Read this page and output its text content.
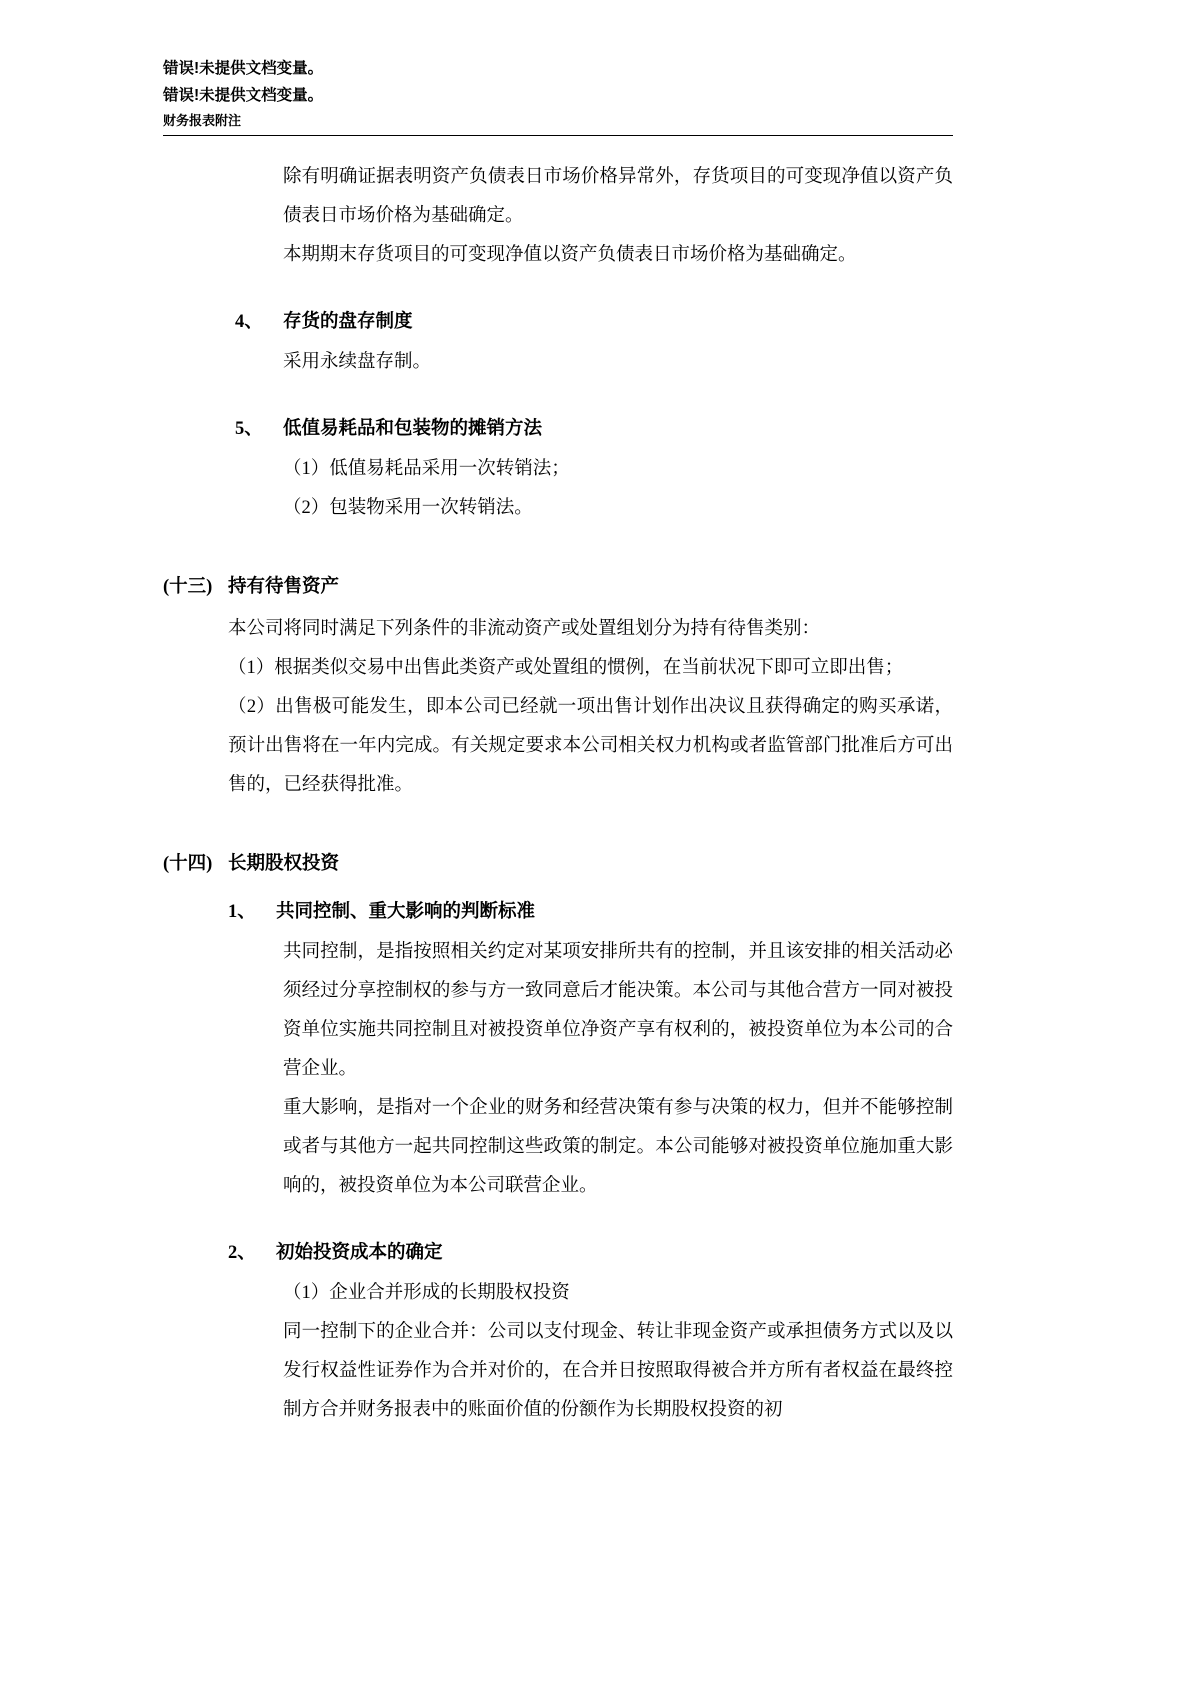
错误!未提供文档变量。
错误!未提供文档变量。
财务报表附注
除有明确证据表明资产负债表日市场价格异常外，存货项目的可变现净值以资产负债表日市场价格为基础确定。
本期期末存货项目的可变现净值以资产负债表日市场价格为基础确定。
4、	存货的盘存制度
采用永续盘存制。
5、	低值易耗品和包装物的摊销方法
（1）低值易耗品采用一次转销法；
（2）包装物采用一次转销法。
(十三) 持有待售资产
本公司将同时满足下列条件的非流动资产或处置组划分为持有待售类别：
（1）根据类似交易中出售此类资产或处置组的惯例，在当前状况下即可立即出售；
（2）出售极可能发生，即本公司已经就一项出售计划作出决议且获得确定的购买承诺，预计出售将在一年内完成。有关规定要求本公司相关权力机构或者监管部门批准后方可出售的，已经获得批准。
(十四) 长期股权投资
1、	共同控制、重大影响的判断标准
共同控制，是指按照相关约定对某项安排所共有的控制，并且该安排的相关活动必须经过分享控制权的参与方一致同意后才能决策。本公司与其他合营方一同对被投资单位实施共同控制且对被投资单位净资产享有权利的，被投资单位为本公司的合营企业。
重大影响，是指对一个企业的财务和经营决策有参与决策的权力，但并不能够控制或者与其他方一起共同控制这些政策的制定。本公司能够对被投资单位施加重大影响的，被投资单位为本公司联营企业。
2、	初始投资成本的确定
（1）企业合并形成的长期股权投资
同一控制下的企业合并：公司以支付现金、转让非现金资产或承担债务方式以及以发行权益性证券作为合并对价的，在合并日按照取得被合并方所有者权益在最终控制方合并财务报表中的账面价值的份额作为长期股权投资的初
